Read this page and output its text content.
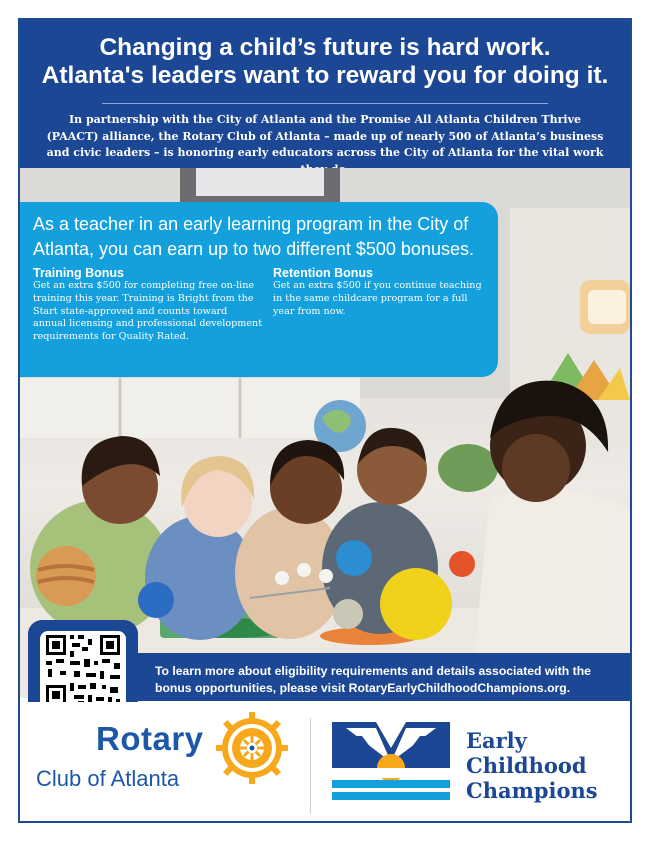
Changing a child’s future is hard work.
Atlanta's leaders want to reward you for doing it.
In partnership with the City of Atlanta and the Promise All Atlanta Children Thrive (PAACT) alliance, the Rotary Club of Atlanta – made up of nearly 500 of Atlanta’s business and civic leaders – is honoring early educators across the City of Atlanta for the vital work
As a teacher in an early learning program in the City of Atlanta, you can earn up to two different $500 bonuses.
Training Bonus
Get an extra $500 for completing free on-line training this year. Training is Bright from the Start state-approved and counts toward annual licensing and professional development requirements for Quality Rated.
Retention Bonus
Get an extra $500 if you continue teaching in the same childcare program for a full year from now.
To learn more about eligibility requirements and details associated with the bonus opportunities, please visit RotaryEarlyChildhoodChampions.org.
Rotary
Club of Atlanta
Early
Childhood
Champions
